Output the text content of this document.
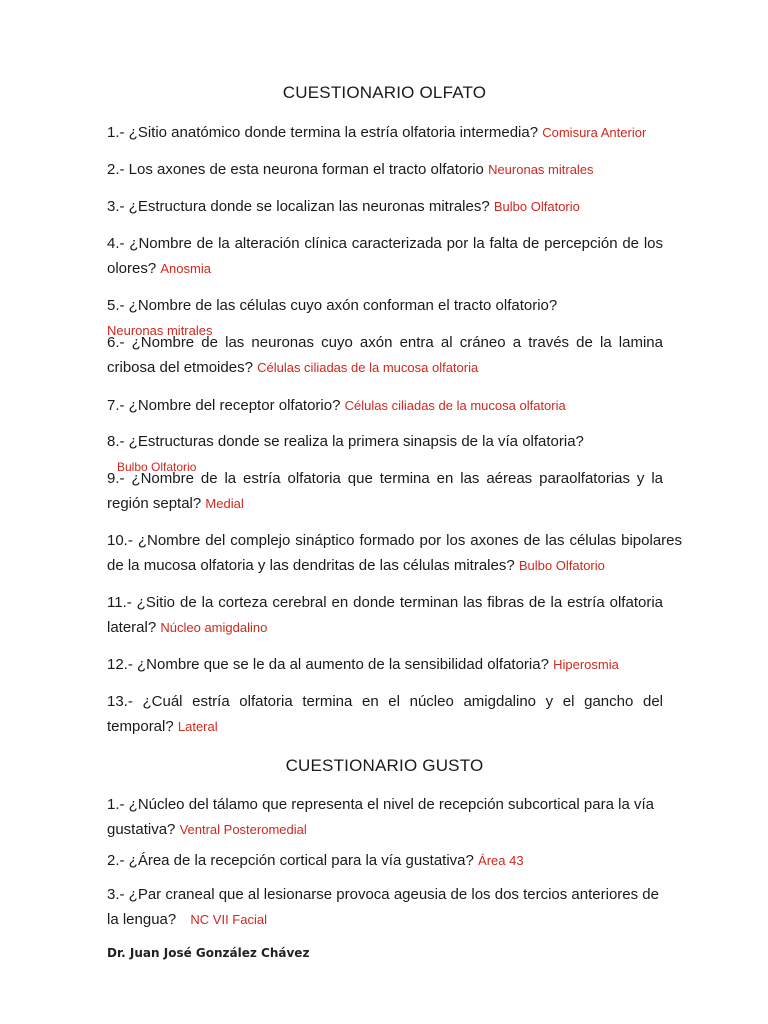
CUESTIONARIO OLFATO
1.- ¿Sitio anatómico donde termina la estría olfatoria intermedia? Comisura Anterior
2.- Los axones de esta neurona forman el tracto olfatorio Neuronas mitrales
3.- ¿Estructura donde se localizan las neuronas mitrales? Bulbo Olfatorio
4.- ¿Nombre de la alteración clínica caracterizada por la falta de percepción de los olores? Anosmia
5.- ¿Nombre de las células cuyo axón conforman el tracto olfatorio? Neuronas mitrales
6.- ¿Nombre de las neuronas cuyo axón entra al cráneo a través de la lamina cribosa del etmoides? Células ciliadas de la mucosa olfatoria
7.- ¿Nombre del receptor olfatorio? Células ciliadas de la mucosa olfatoria
8.- ¿Estructuras donde se realiza la primera sinapsis de la vía olfatoria? Bulbo Olfatorio
9.- ¿Nombre de la estría olfatoria que termina en las aéreas paraolfatorias y la región septal? Medial
10.- ¿Nombre del complejo sináptico formado por los axones de las células bipolares de la mucosa olfatoria y las dendritas de las células mitrales? Bulbo Olfatorio
11.- ¿Sitio de la corteza cerebral en donde terminan las fibras de la estría olfatoria lateral? Núcleo amigdalino
12.- ¿Nombre que se le da al aumento de la sensibilidad olfatoria? Hiperosmia
13.- ¿Cuál estría olfatoria termina en el núcleo amigdalino y el gancho del temporal? Lateral
CUESTIONARIO GUSTO
1.- ¿Núcleo del tálamo que representa el nivel de recepción subcortical para la vía gustativa? Ventral Posteromedial
2.- ¿Área de la recepción cortical para la vía gustativa? Área 43
3.- ¿Par craneal que al lesionarse provoca ageusia de los dos tercios anteriores de la lengua? NC VII Facial
Dr. Juan José González Chávez
